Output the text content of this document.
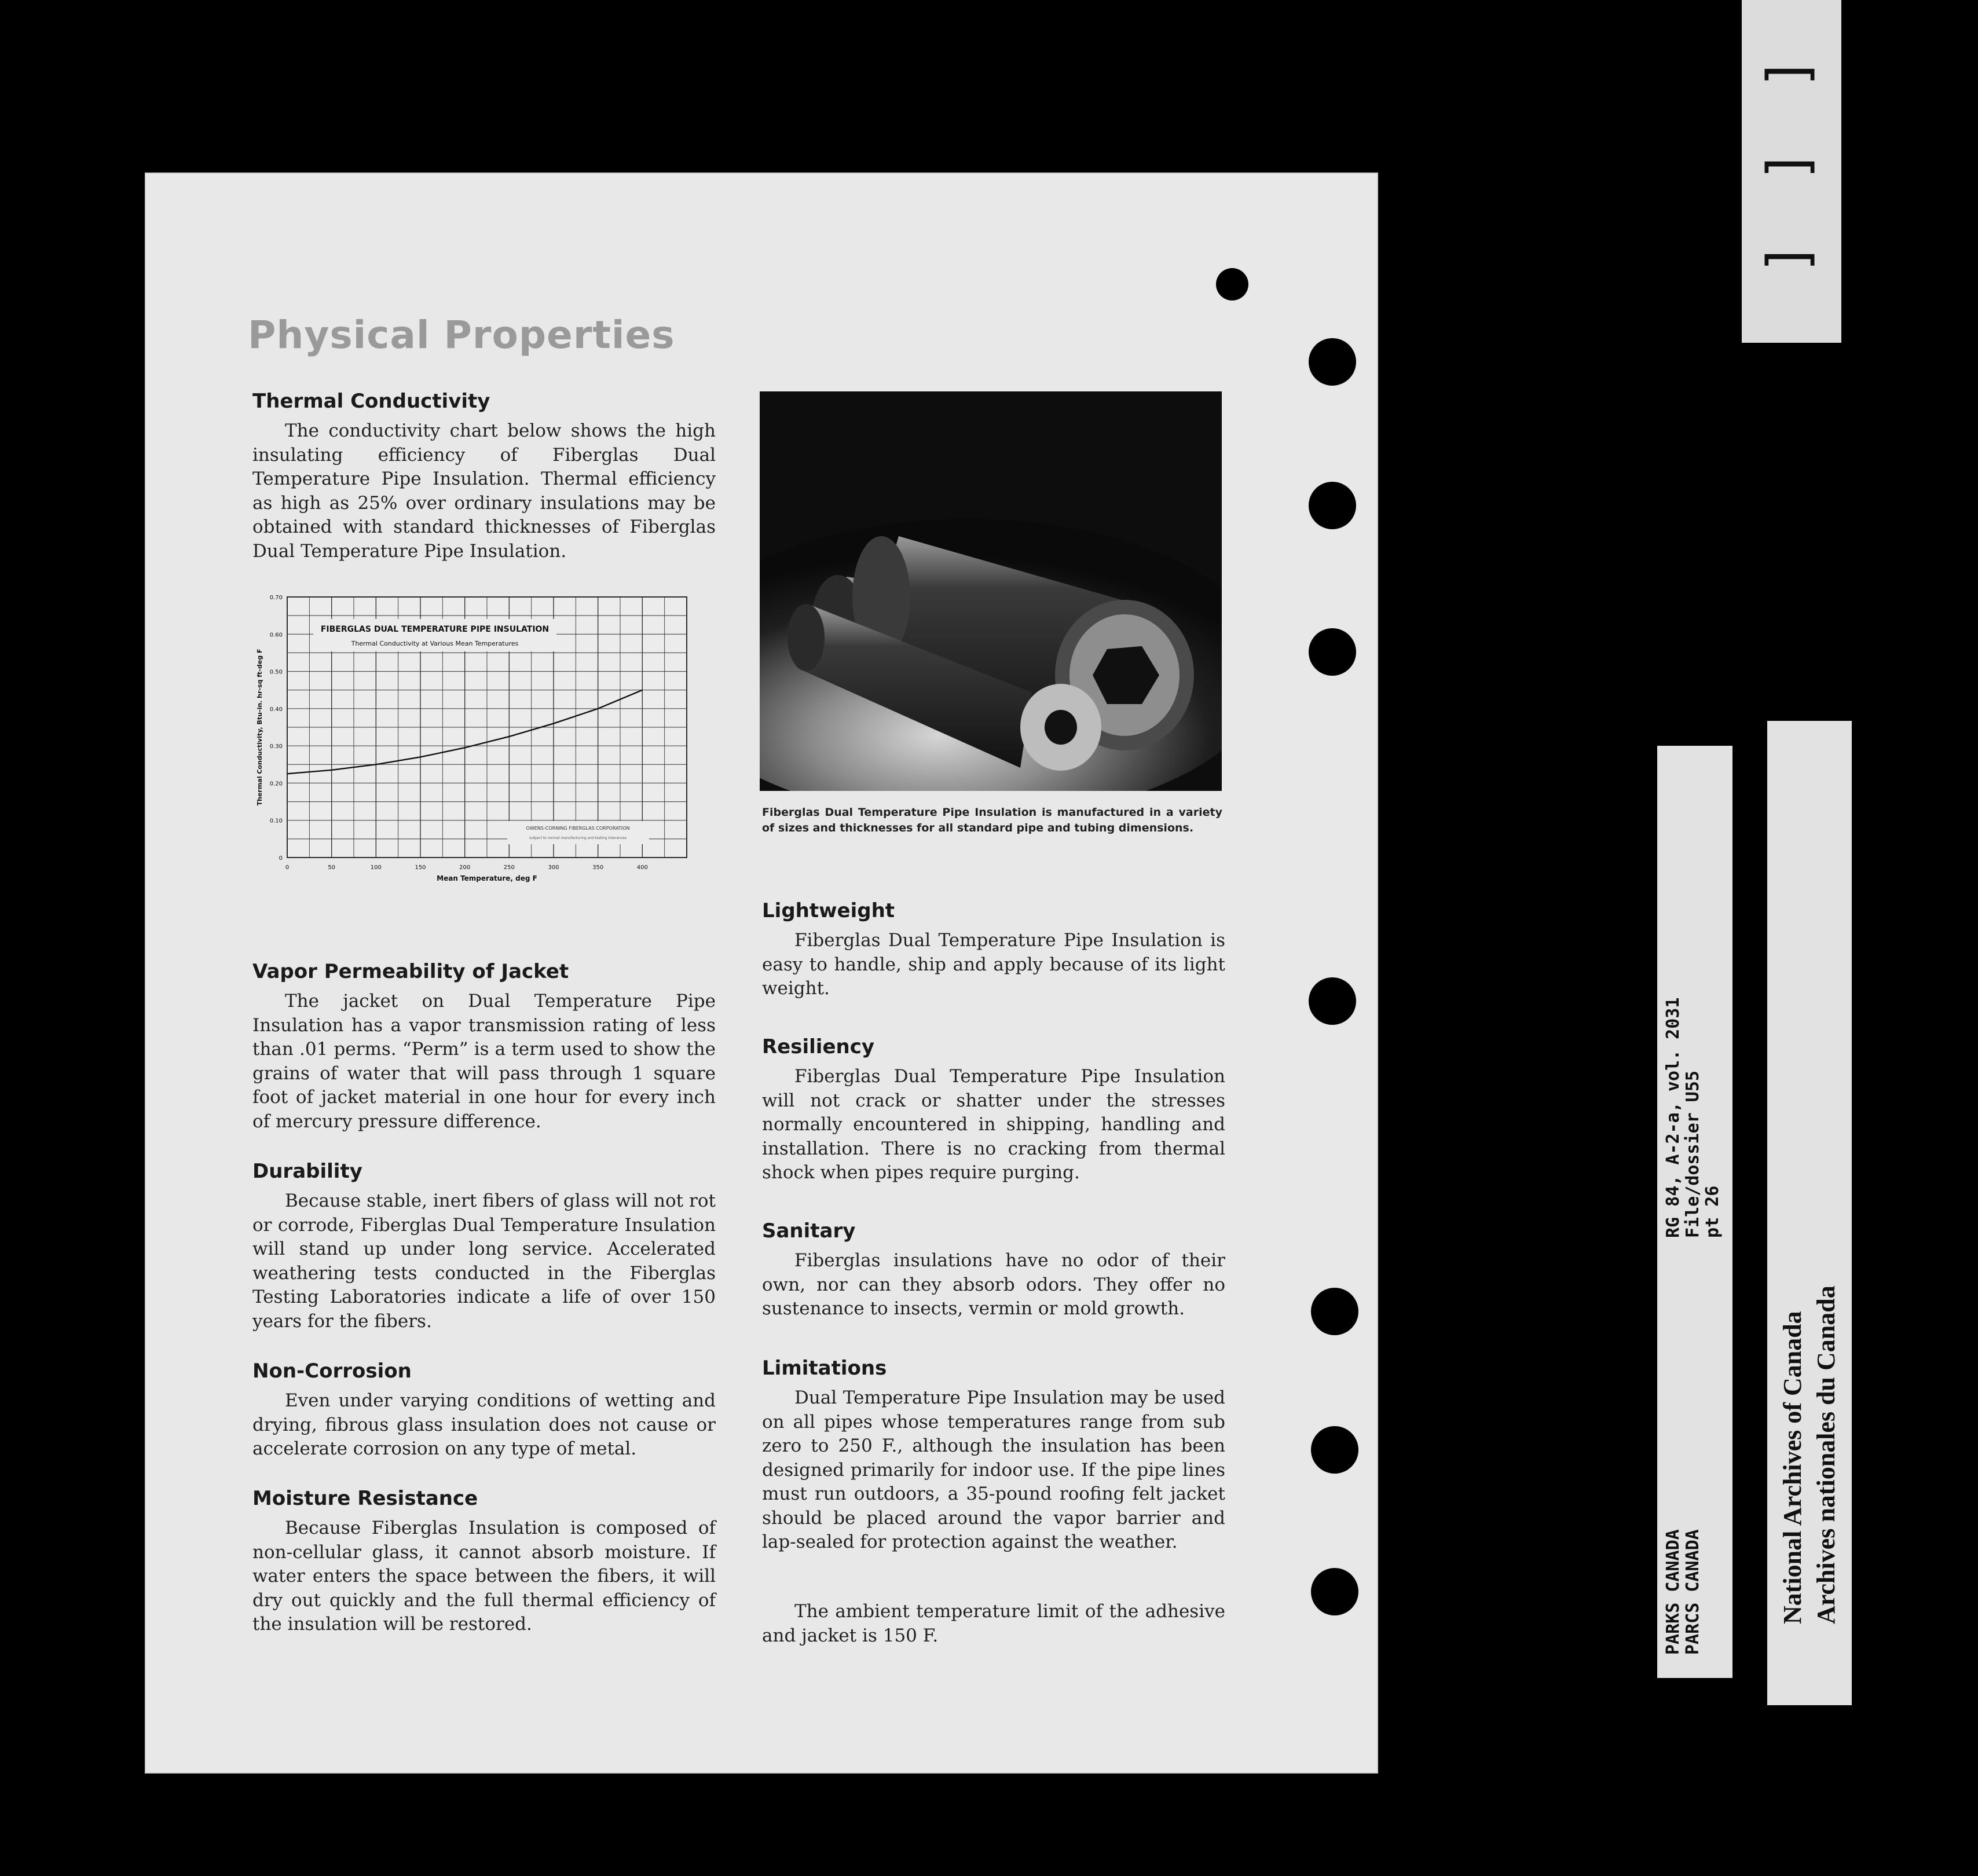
Physical Properties
Thermal Conductivity
The conductivity chart below shows the high insulating efficiency of Fiberglas Dual Temperature Pipe Insulation. Thermal efficiency as high as 25% over ordinary insulations may be obtained with standard thicknesses of Fiberglas Dual Temperature Pipe Insulation.
FIBERGLAS DUAL TEMPERATURE PIPE INSULATION
Thermal Conductivity at Various Mean Temperatures
OWENS-CORNING FIBERGLAS CORPORATION
subject to normal manufacturing and testing tolerances
0
0.10
0.20
0.30
0.40
0.50
0.60
0.70
0	50	100	150	200	250	300	350	400
Mean Temperature, deg F
Thermal Conductivity, Btu-in. hr-sq ft-deg F
Vapor Permeability of Jacket
The jacket on Dual Temperature Pipe Insulation has a vapor transmission rating of less than .01 perms. “Perm” is a term used to show the grains of water that will pass through 1 square foot of jacket material in one hour for every inch of mercury pressure difference.
Durability
Because stable, inert fibers of glass will not rot or corrode, Fiberglas Dual Temperature Insulation will stand up under long service. Accelerated weathering tests conducted in the Fiberglas Testing Laboratories indicate a life of over 150 years for the fibers.
Non-Corrosion
Even under varying conditions of wetting and drying, fibrous glass insulation does not cause or accelerate corrosion on any type of metal.
Moisture Resistance
Because Fiberglas Insulation is composed of non-cellular glass, it cannot absorb moisture. If water enters the space between the fibers, it will dry out quickly and the full thermal efficiency of the insulation will be restored.
Fiberglas Dual Temperature Pipe Insulation is manufactured in a variety of sizes and thicknesses for all standard pipe and tubing dimensions.
Lightweight
Fiberglas Dual Temperature Pipe Insulation is easy to handle, ship and apply because of its light weight.
Resiliency
Fiberglas Dual Temperature Pipe Insulation will not crack or shatter under the stresses normally encountered in shipping, handling and installation. There is no cracking from thermal shock when pipes require purging.
Sanitary
Fiberglas insulations have no odor of their own, nor can they absorb odors. They offer no sustenance to insects, vermin or mold growth.
Limitations
Dual Temperature Pipe Insulation may be used on all pipes whose temperatures range from sub zero to 250 F., although the insulation has been designed primarily for indoor use. If the pipe lines must run outdoors, a 35-pound roofing felt jacket should be placed around the vapor barrier and lap-sealed for protection against the weather.
The ambient temperature limit of the adhesive and jacket is 150 F.
[
[
[
PARKS CANADA PARCS CANADA
RG 84, A-2-a, vol. 2031 File/dossier U55 pt 26
National Archives of Canada Archives nationales du Canada
